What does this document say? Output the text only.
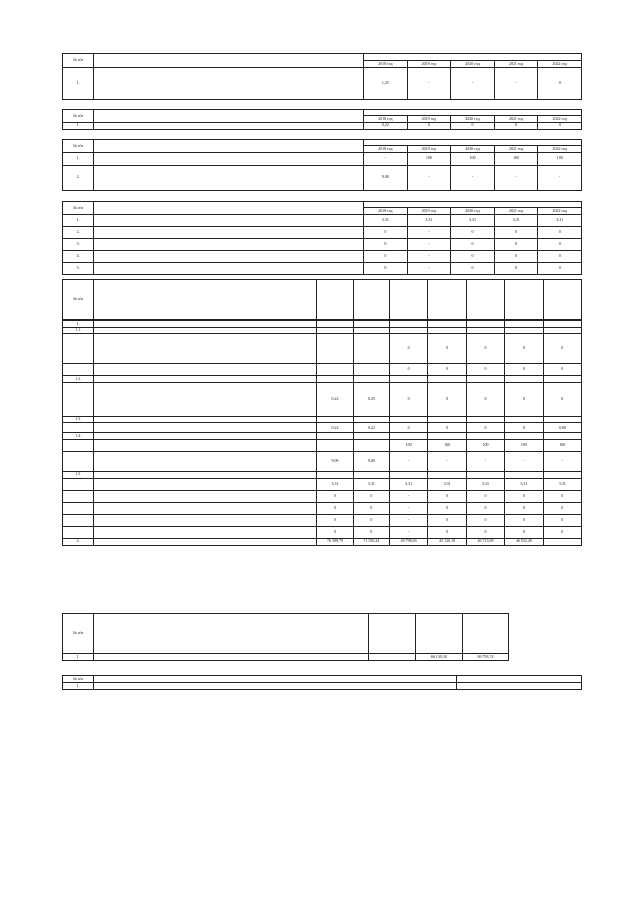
№ п/п						
		2018 год	2019 год	2020 год	2021 год	2022 год
1.		1,25	-	-	-	0
№ п/п						
		2018 год	2019 год	2020 год	2021 год	2022 год
1.		0,22	0	0	0	0
№ п/п						
		2018 год	2019 год	2020 год	2021 год	2022 год
1.		-	100	100	100	100
2.		9,00	-	-	-	-
№ п/п						
		2018 год	2019 год	2020 год	2021 год	2022 год
1.		3,31	3,31	3,31	3,31	3,31
2.		0	-	0	0	0
3.		0	-	0	0	0
4.		0	-	0	0	0
5.		0	-	0	0	0
№ п/п								
1.								
1.1.								
				0	0	0	0	0
				0	0	0	0	0
1.2.								
		0,22	0,25	0	0	0	0	0
1.3.								
		0,22	0,22	0	0	0	0	0,00
1.4.								
				100	100	100	100	100
		9,00	9,00	-	-	-	-	-
1.5.								
		3,31	3,31	3,31	3,31	3,31	3,31	3,31
		0	0	-	0	0	0	0
		0	0	-	0	0	0	0
		0	0	-	0	0	0	0
		0	0	-	0	0	0	0
2.		76 588,79	71 550,24	49 798,03	45 126,10	46 713,99	46 932,49	
№ п/п					
1.			66 130,30	69 793,74	
№ п/п		
1.		
